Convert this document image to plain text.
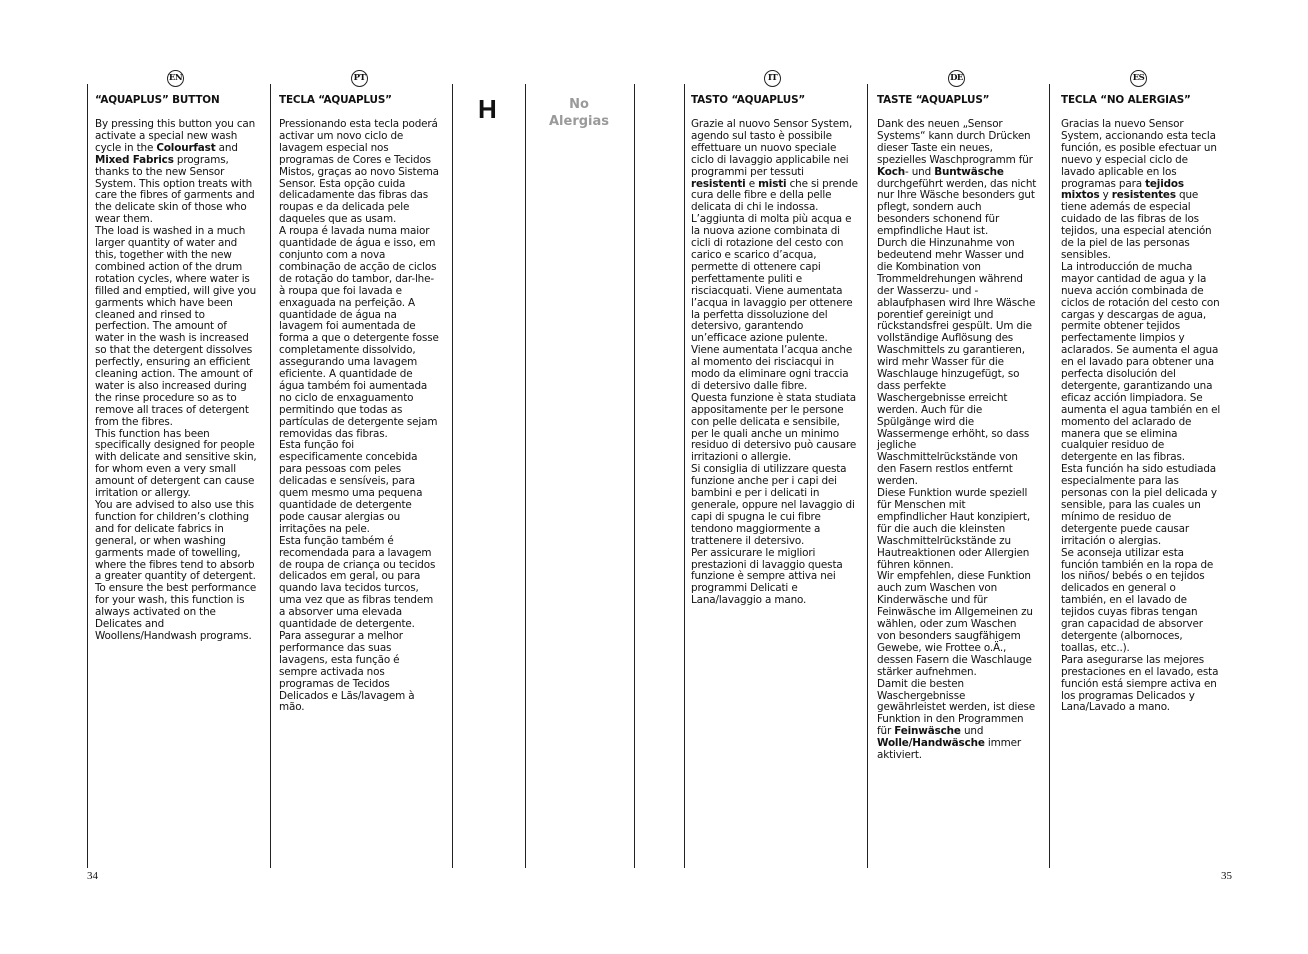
H	No
Alergias
EN
“AQUAPLUS” BUTTON

By pressing this button you can activate a special new wash cycle in the Colourfast and Mixed Fabrics programs, thanks to the new Sensor System. This option treats with care the fibres of garments and the delicate skin of those who wear them.

The load is washed in a much larger quantity of water and this, together with the new combined action of the drum rotation cycles, where water is filled and emptied, will give you garments which have been cleaned and rinsed to perfection. The amount of water in the wash is increased so that the detergent dissolves perfectly, ensuring an efficient cleaning action. The amount of water is also increased during the rinse procedure so as to remove all traces of detergent from the fibres.

This function has been specifically designed for people with delicate and sensitive skin, for whom even a very small amount of detergent can cause irritation or allergy.

You are advised to also use this function for children’s clothing and for delicate fabrics in general, or when washing garments made of towelling, where the fibres tend to absorb a greater quantity of detergent.

To ensure the best performance for your wash, this function is always activated on the Delicates and Woollens/Handwash programs.

PT
TECLA “AQUAPLUS”

Pressionando esta tecla poderá activar um novo ciclo de lavagem especial nos programas de Cores e Tecidos Mistos, graças ao novo Sistema Sensor. Esta opção cuida delicadamente das fibras das roupas e da delicada pele daqueles que as usam.

A roupa é lavada numa maior quantidade de água e isso, em conjunto com a nova combinação de acção de ciclos de rotação do tambor, dar-lhe-à roupa que foi lavada e enxaguada na perfeição. A quantidade de água na lavagem foi aumentada de forma a que o detergente fosse completamente dissolvido, assegurando uma lavagem eficiente. A quantidade de água também foi aumentada no ciclo de enxaguamento permitindo que todas as partículas de detergente sejam removidas das fibras.

Esta função foi especificamente concebida para pessoas com peles delicadas e sensíveis, para quem mesmo uma pequena quantidade de detergente pode causar alergias ou irritações na pele.

Esta função também é recomendada para a lavagem de roupa de criança ou tecidos delicados em geral, ou para quando lava tecidos turcos, uma vez que as fibras tendem a absorver uma elevada quantidade de detergente.

Para assegurar a melhor performance das suas lavagens, esta função é sempre activada nos programas de Tecidos Delicados e Lãs/lavagem à mão.

IT
TASTO “AQUAPLUS”

Grazie al nuovo Sensor System, agendo sul tasto è possibile effettuare un nuovo speciale ciclo di lavaggio applicabile nei programmi per tessuti resistenti e misti che si prende cura delle fibre e della pelle delicata di chi le indossa.

L’aggiunta di molta più acqua e la nuova azione combinata di cicli di rotazione del cesto con carico e scarico d’acqua, permette di ottenere capi perfettamente puliti e risciacquati. Viene aumentata l’acqua in lavaggio per ottenere la perfetta dissoluzione del detersivo, garantendo un’efficace azione pulente. Viene aumentata l’acqua anche al momento dei risciacqui in modo da eliminare ogni traccia di detersivo dalle fibre.

Questa funzione è stata studiata appositamente per le persone con pelle delicata e sensibile, per le quali anche un minimo residuo di detersivo può causare irritazioni o allergie.

Si consiglia di utilizzare questa funzione anche per i capi dei bambini e per i delicati in generale, oppure nel lavaggio di capi di spugna le cui fibre tendono maggiormente a trattenere il detersivo.

Per assicurare le migliori prestazioni di lavaggio questa funzione è sempre attiva nei programmi Delicati e Lana/lavaggio a mano.

DE
TASTE “AQUAPLUS”

Dank des neuen „Sensor Systems“ kann durch Drücken dieser Taste ein neues, spezielles Waschprogramm für Koch- und Buntwäsche durchgeführt werden, das nicht nur Ihre Wäsche besonders gut pflegt, sondern auch besonders schonend für empfindliche Haut ist.

Durch die Hinzunahme von bedeutend mehr Wasser und die Kombination von Trommeldrehungen während der Wasserzu- und -ablaufphasen wird Ihre Wäsche porentief gereinigt und rückstandsfrei gespült. Um die vollständige Auflösung des Waschmittels zu garantieren, wird mehr Wasser für die Waschlauge hinzugefügt, so dass perfekte Waschergebnisse erreicht werden. Auch für die Spülgänge wird die Wassermenge erhöht, so dass jegliche Waschmittelrückstände von den Fasern restlos entfernt werden.

Diese Funktion wurde speziell für Menschen mit empfindlicher Haut konzipiert, für die auch die kleinsten Waschmittelrückstände zu Hautreaktionen oder Allergien führen können.

Wir empfehlen, diese Funktion auch zum Waschen von Kinderwäsche und für Feinwäsche im Allgemeinen zu wählen, oder zum Waschen von besonders saugfähigem Gewebe, wie Frottee o.Ä., dessen Fasern die Waschlauge stärker aufnehmen.

Damit die besten Waschergebnisse gewährleistet werden, ist diese Funktion in den Programmen für Feinwäsche und Wolle/Handwäsche immer aktiviert.

ES
TECLA “NO ALERGIAS”

Gracias la nuevo Sensor System, accionando esta tecla función, es posible efectuar un nuevo y especial ciclo de lavado aplicable en los programas para tejidos mixtos y resistentes que tiene además de especial cuidado de las fibras de los tejidos, una especial atención de la piel de las personas sensibles.

La introducción de mucha mayor cantidad de agua y la nueva acción combinada de ciclos de rotación del cesto con cargas y descargas de agua, permite obtener tejidos perfectamente limpios y aclarados. Se aumenta el agua en el lavado para obtener una perfecta disolución del detergente, garantizando una eficaz acción limpiadora. Se aumenta el agua también en el momento del aclarado de manera que se elimina cualquier residuo de detergente en las fibras.

Esta función ha sido estudiada especialmente para las personas con la piel delicada y sensible, para las cuales un mínimo de residuo de detergente puede causar irritación o alergias.

Se aconseja utilizar esta función también en la ropa de los niños/ bebés o en tejidos delicados en general o también, en el lavado de tejidos cuyas fibras tengan gran capacidad de absorver detergente (albornoces, toallas, etc..).

Para asegurarse las mejores prestaciones en el lavado, esta función está siempre activa en los programas Delicados y Lana/Lavado a mano.

34	35
